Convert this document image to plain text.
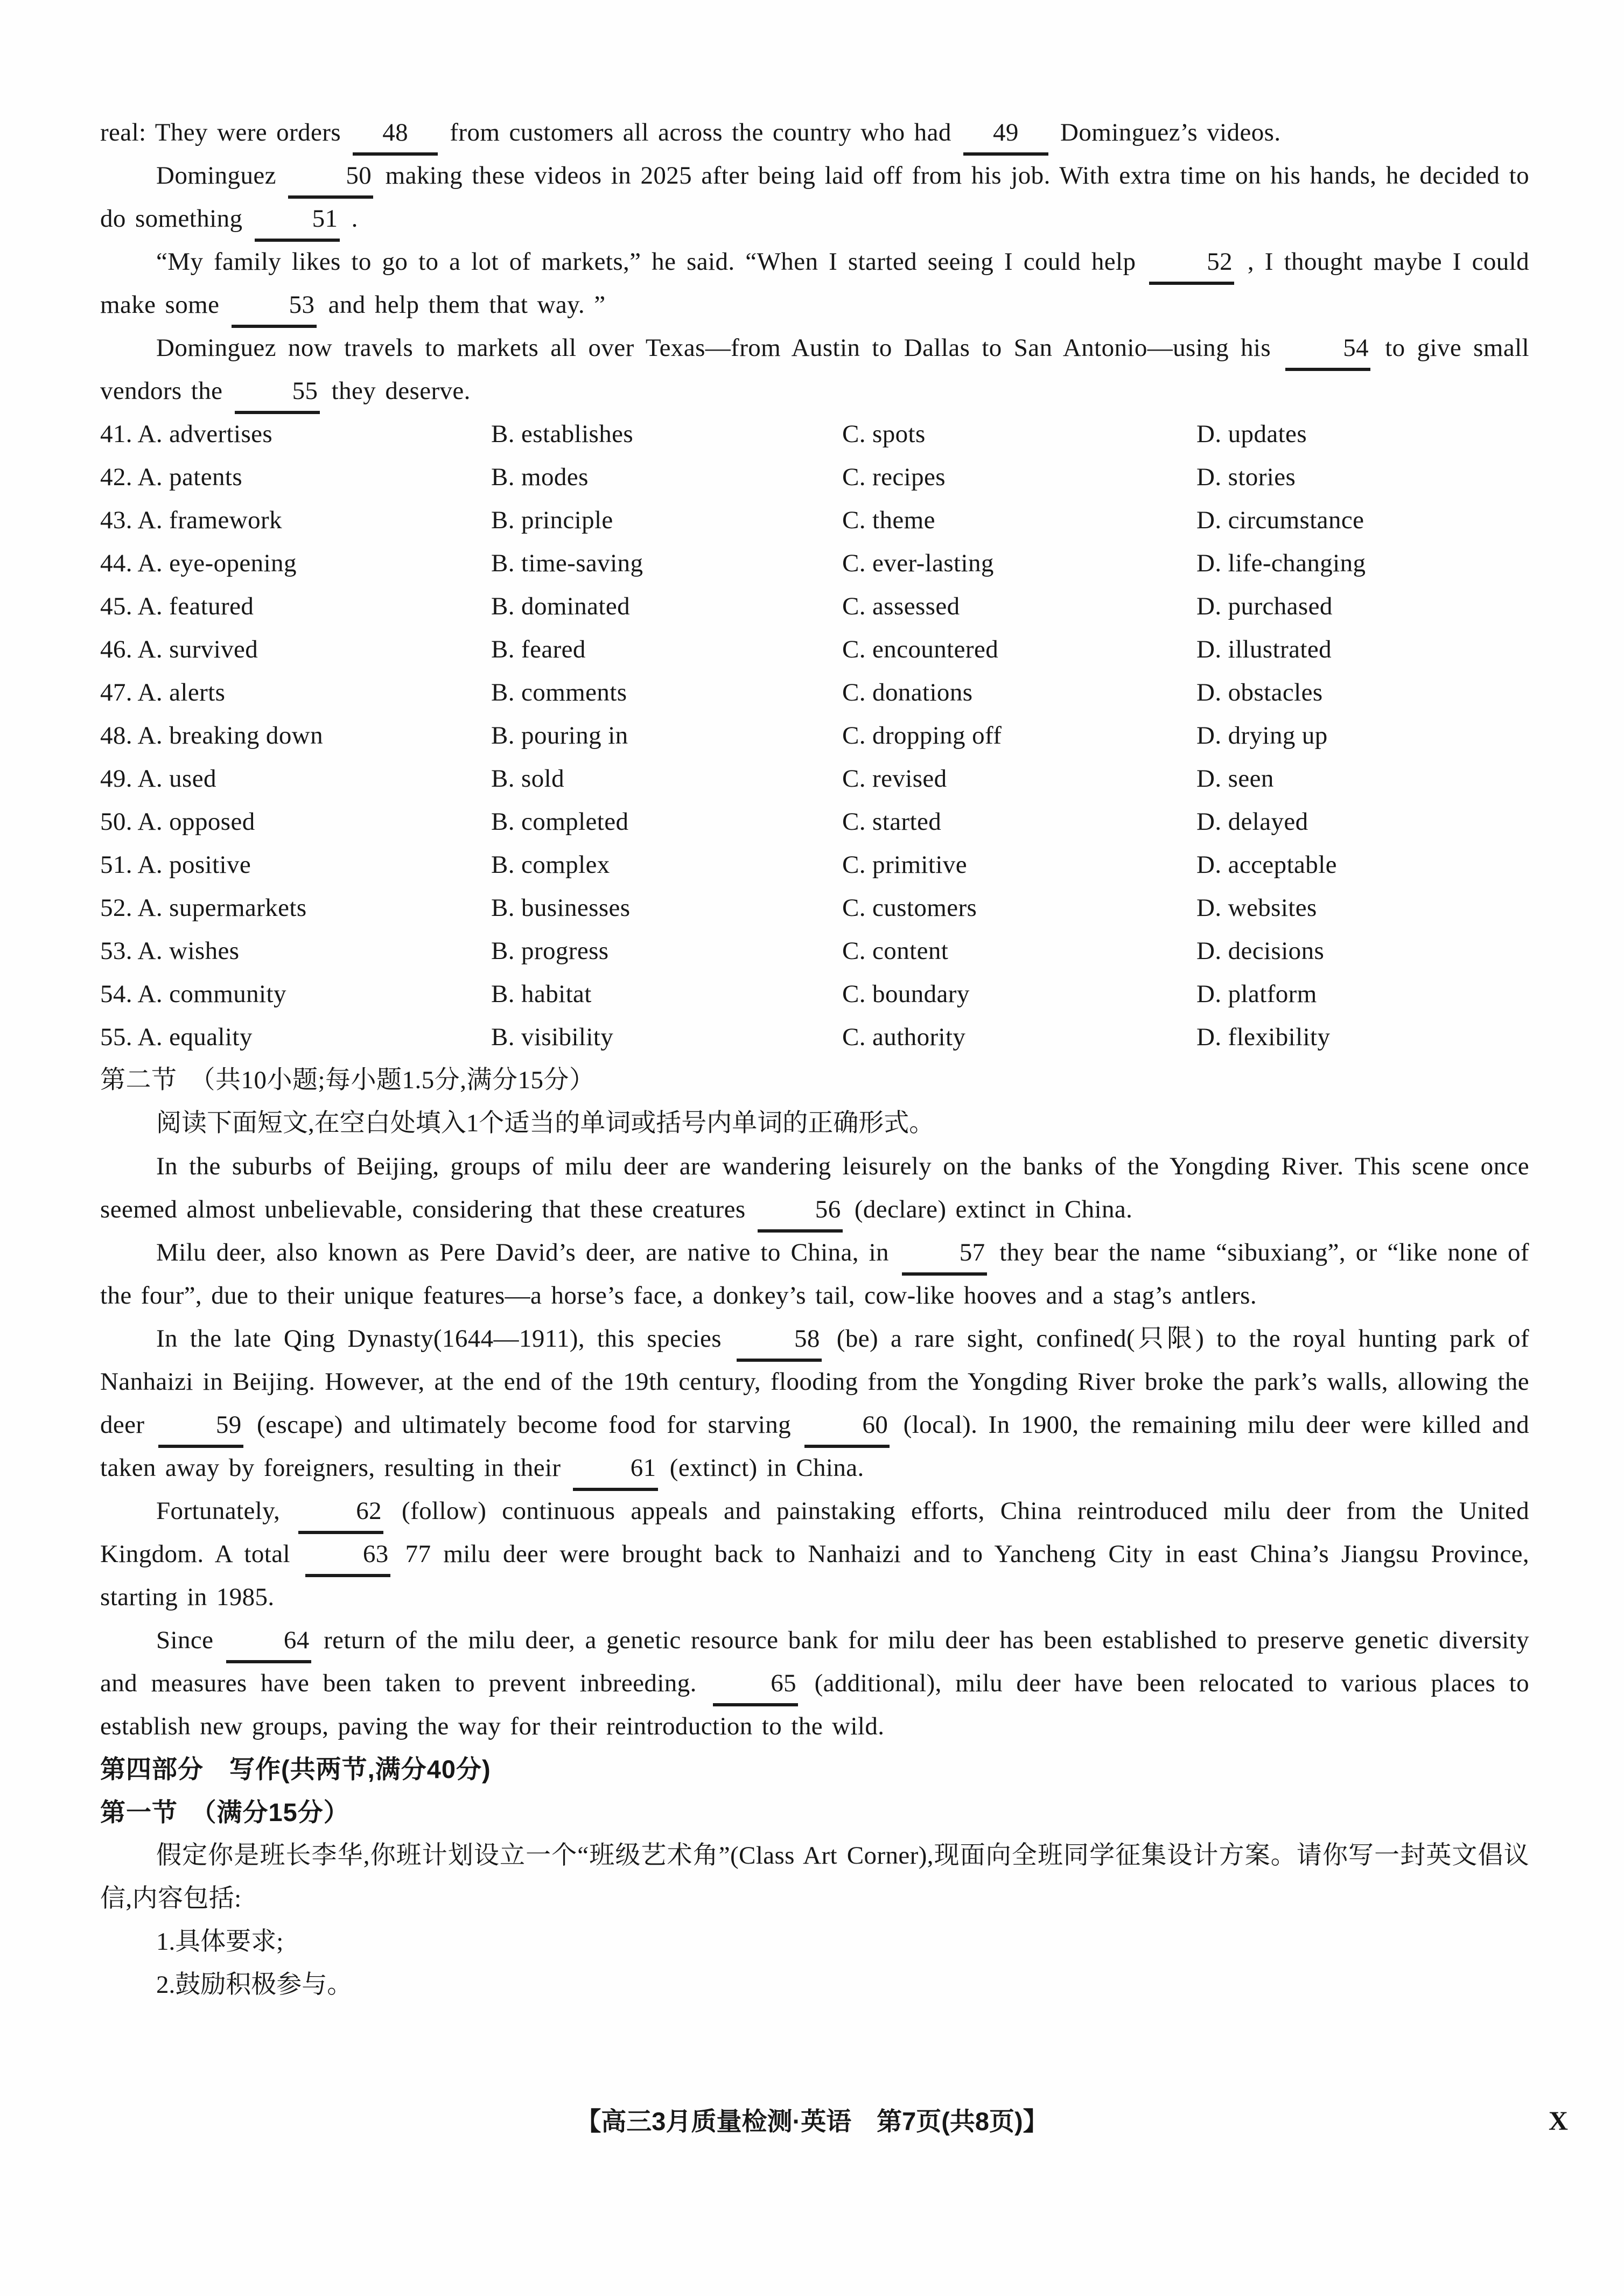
real: They were orders 48 from customers all across the country who had 49 Dominguez’s videos.

Dominguez 50 making these videos in 2025 after being laid off from his job. With extra time on his hands, he decided to do something 51 .

“My family likes to go to a lot of markets,” he said. “When I started seeing I could help 52 , I thought maybe I could make some 53 and help them that way. ”

Dominguez now travels to markets all over Texas—from Austin to Dallas to San Antonio—using his 54 to give small vendors the 55 they deserve.

41. A. advertises	B. establishes	C. spots	D. updates
42. A. patents	B. modes	C. recipes	D. stories
43. A. framework	B. principle	C. theme	D. circumstance
44. A. eye-opening	B. time-saving	C. ever-lasting	D. life-changing
45. A. featured	B. dominated	C. assessed	D. purchased
46. A. survived	B. feared	C. encountered	D. illustrated
47. A. alerts	B. comments	C. donations	D. obstacles
48. A. breaking down	B. pouring in	C. dropping off	D. drying up
49. A. used	B. sold	C. revised	D. seen
50. A. opposed	B. completed	C. started	D. delayed
51. A. positive	B. complex	C. primitive	D. acceptable
52. A. supermarkets	B. businesses	C. customers	D. websites
53. A. wishes	B. progress	C. content	D. decisions
54. A. community	B. habitat	C. boundary	D. platform
55. A. equality	B. visibility	C. authority	D. flexibility

第二节　（共10小题;每小题1.5分,满分15分）

阅读下面短文,在空白处填入1个适当的单词或括号内单词的正确形式。

In the suburbs of Beijing, groups of milu deer are wandering leisurely on the banks of the Yongding River. This scene once seemed almost unbelievable, considering that these creatures 56 (declare) extinct in China.

Milu deer, also known as Pere David’s deer, are native to China, in 57 they bear the name “sibuxiang”, or “like none of the four”, due to their unique features—a horse’s face, a donkey’s tail, cow-like hooves and a stag’s antlers.

In the late Qing Dynasty(1644—1911), this species 58 (be) a rare sight, confined(只限) to the royal hunting park of Nanhaizi in Beijing. However, at the end of the 19th century, flooding from the Yongding River broke the park’s walls, allowing the deer 59 (escape) and ultimately become food for starving 60 (local). In 1900, the remaining milu deer were killed and taken away by foreigners, resulting in their 61 (extinct) in China.

Fortunately, 62 (follow) continuous appeals and painstaking efforts, China reintroduced milu deer from the United Kingdom. A total 63 77 milu deer were brought back to Nanhaizi and to Yancheng City in east China’s Jiangsu Province, starting in 1985.

Since 64 return of the milu deer, a genetic resource bank for milu deer has been established to preserve genetic diversity and measures have been taken to prevent inbreeding. 65 (additional), milu deer have been relocated to various places to establish new groups, paving the way for their reintroduction to the wild.

第四部分　写作(共两节,满分40分)

第一节　（满分15分）

假定你是班长李华,你班计划设立一个“班级艺术角”(Class Art Corner),现面向全班同学征集设计方案。请你写一封英文倡议信,内容包括:

1.具体要求;

2.鼓励积极参与。

【高三3月质量检测·英语　第7页(共8页)】	X
